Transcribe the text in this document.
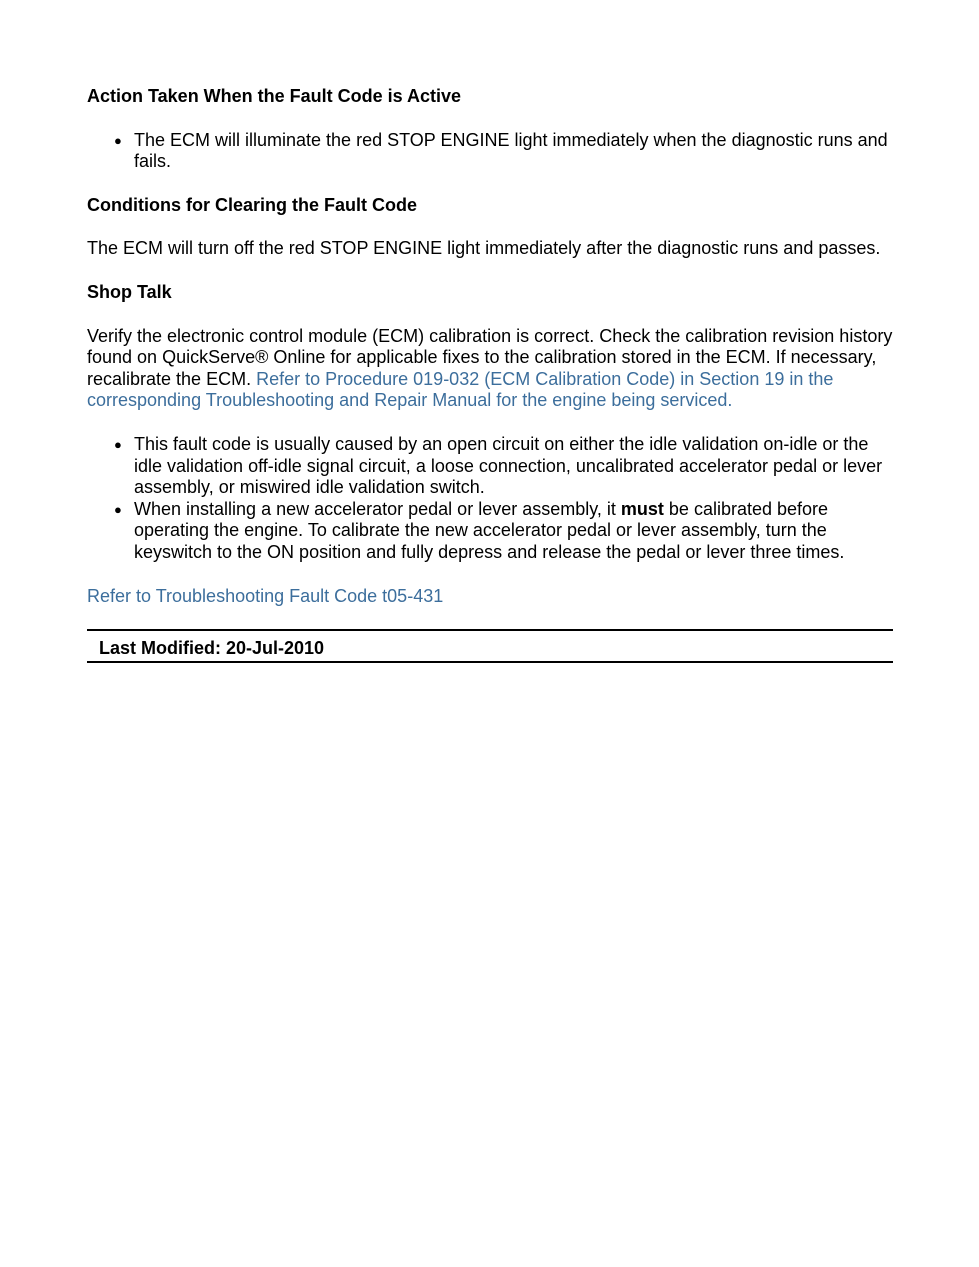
Action Taken When the Fault Code is Active
● The ECM will illuminate the red STOP ENGINE light immediately when the diagnostic runs and fails.
Conditions for Clearing the Fault Code

The ECM will turn off the red STOP ENGINE light immediately after the diagnostic runs and passes.

Shop Talk

Verify the electronic control module (ECM) calibration is correct. Check the calibration revision history found on QuickServe® Online for applicable fixes to the calibration stored in the ECM. If necessary, recalibrate the ECM. Refer to Procedure 019-032 (ECM Calibration Code) in Section 19 in the corresponding Troubleshooting and Repair Manual for the engine being serviced.

● This fault code is usually caused by an open circuit on either the idle validation on-idle or the idle validation off-idle signal circuit, a loose connection, uncalibrated accelerator pedal or lever assembly, or miswired idle validation switch.
● When installing a new accelerator pedal or lever assembly, it must be calibrated before operating the engine. To calibrate the new accelerator pedal or lever assembly, turn the keyswitch to the ON position and fully depress and release the pedal or lever three times.

Refer to Troubleshooting Fault Code t05-431

Last Modified: 20-Jul-2010
